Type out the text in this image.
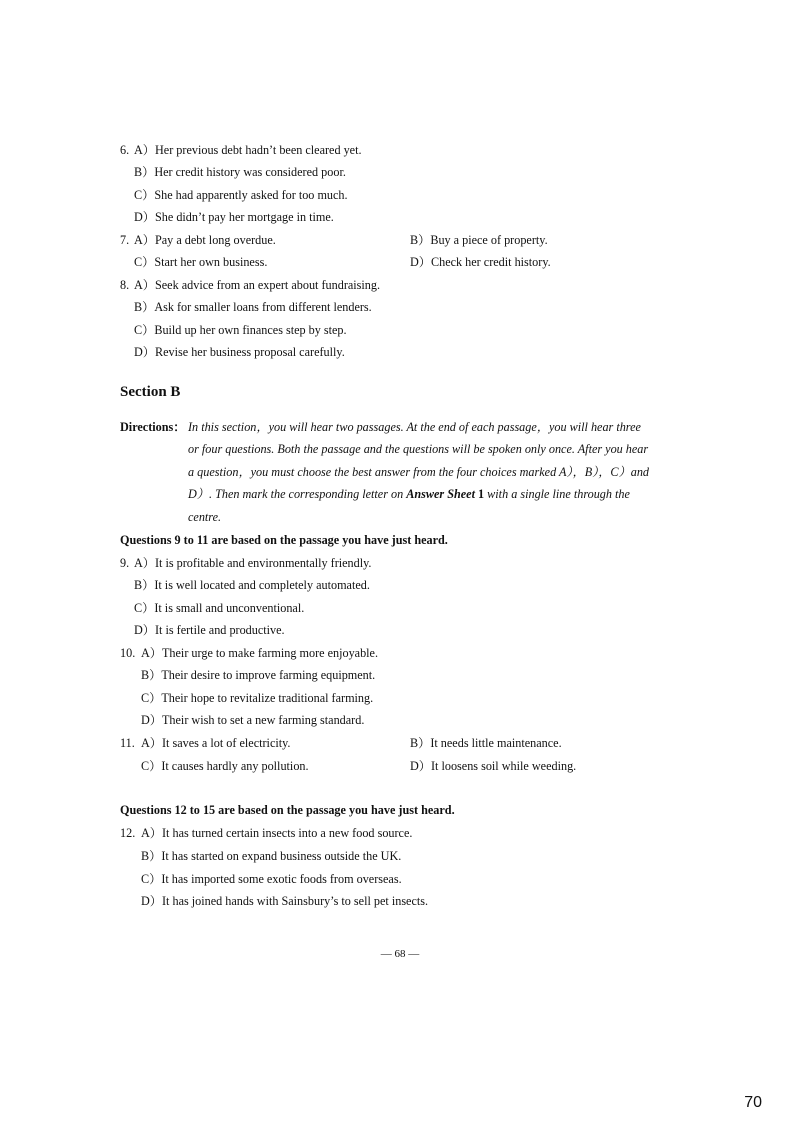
6. A）Her previous debt hadn’t been cleared yet.
B）Her credit history was considered poor.
C）She had apparently asked for too much.
D）She didn’t pay her mortgage in time.
7. A）Pay a debt long overdue.	B）Buy a piece of property.
C）Start her own business.	D）Check her credit history.
8. A）Seek advice from an expert about fundraising.
B）Ask for smaller loans from different lenders.
C）Build up her own finances step by step.
D）Revise her business proposal carefully.
Section B
Directions： In this section，you will hear two passages. At the end of each passage，you will hear three
or four questions. Both the passage and the questions will be spoken only once. After you hear
a question，you must choose the best answer from the four choices marked A），B），C）and
D）. Then mark the corresponding letter on Answer Sheet 1 with a single line through the
centre.
Questions 9 to 11 are based on the passage you have just heard.
9. A）It is profitable and environmentally friendly.
B）It is well located and completely automated.
C）It is small and unconventional.
D）It is fertile and productive.
10. A）Their urge to make farming more enjoyable.
B）Their desire to improve farming equipment.
C）Their hope to revitalize traditional farming.
D）Their wish to set a new farming standard.
11. A）It saves a lot of electricity.	B）It needs little maintenance.
C）It causes hardly any pollution.	D）It loosens soil while weeding.
Questions 12 to 15 are based on the passage you have just heard.
12. A）It has turned certain insects into a new food source.
B）It has started on expand business outside the UK.
C）It has imported some exotic foods from overseas.
D）It has joined hands with Sainsbury’s to sell pet insects.
— 68 —
70
